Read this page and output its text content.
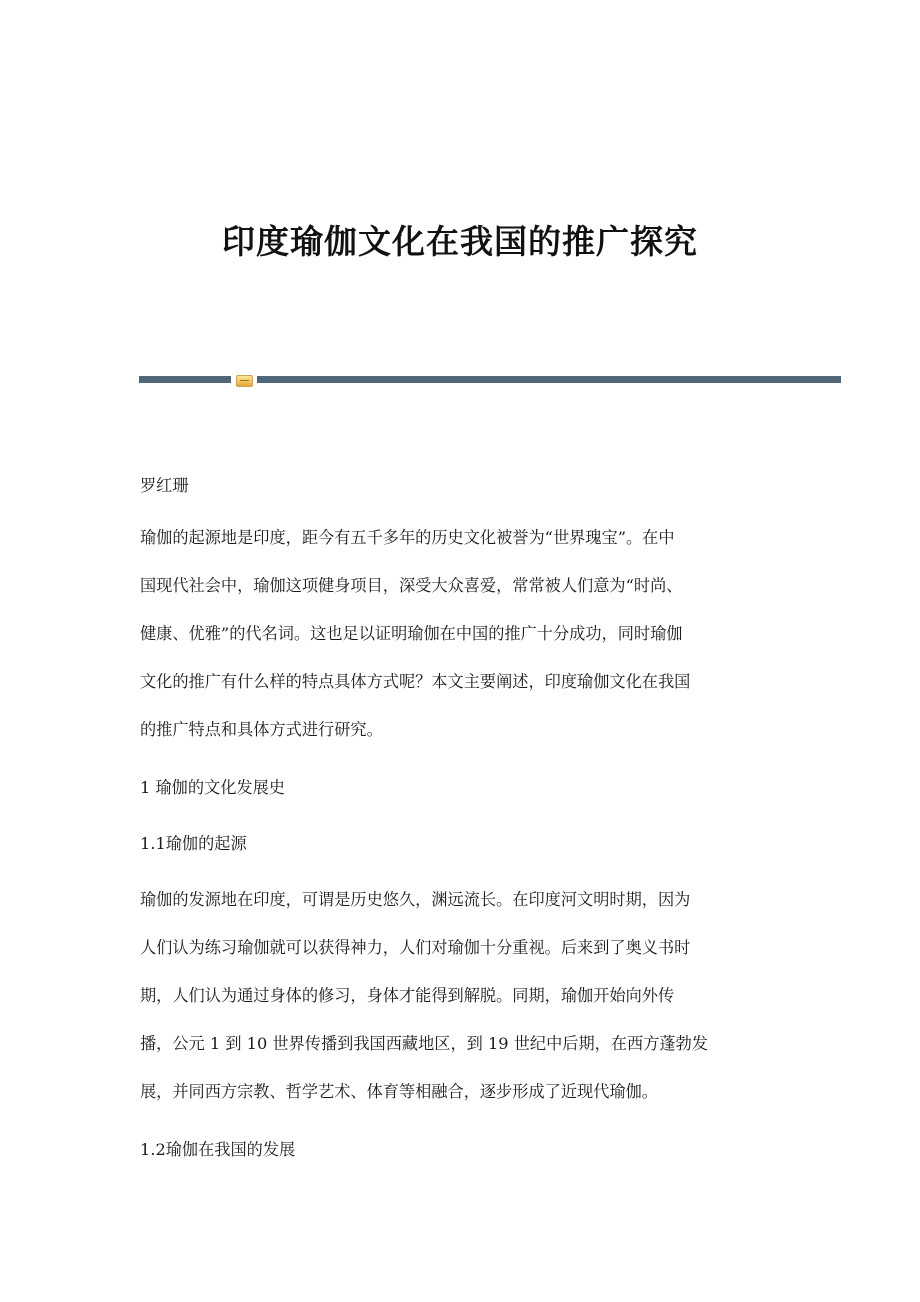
印度瑜伽文化在我国的推广探究
罗红珊
瑜伽的起源地是印度，距今有五千多年的历史文化被誉为“世界瑰宝”。在中
国现代社会中，瑜伽这项健身项目，深受大众喜爱，常常被人们意为“时尚、
健康、优雅”的代名词。这也足以证明瑜伽在中国的推广十分成功，同时瑜伽
文化的推广有什么样的特点具体方式呢？本文主要阐述，印度瑜伽文化在我国
的推广特点和具体方式进行研究。
1 瑜伽的文化发展史
1.1瑜伽的起源
瑜伽的发源地在印度，可谓是历史悠久，渊远流长。在印度河文明时期，因为
人们认为练习瑜伽就可以获得神力，人们对瑜伽十分重视。后来到了奥义书时
期，人们认为通过身体的修习，身体才能得到解脱。同期，瑜伽开始向外传
播，公元 1 到 10 世界传播到我国西藏地区，到 19 世纪中后期，在西方蓬勃发
展，并同西方宗教、哲学艺术、体育等相融合，逐步形成了近现代瑜伽。
1.2瑜伽在我国的发展
